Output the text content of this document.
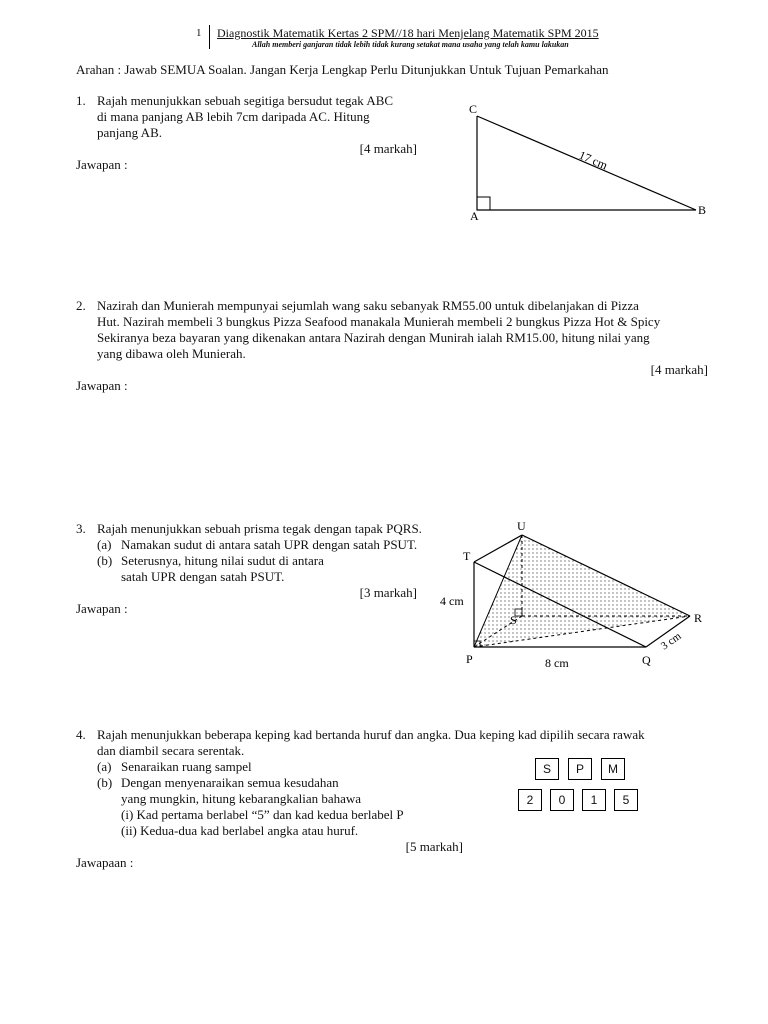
1 Diagnostik Matematik Kertas 2 SPM//18 hari Menjelang Matematik SPM 2015
Allah memberi ganjaran tidak lebih tidak kurang setakat mana usaha yang telah kamu lakukan
Arahan : Jawab SEMUA Soalan. Jangan Kerja Lengkap Perlu Ditunjukkan Untuk Tujuan Pemarkahan
1. Rajah menunjukkan sebuah segitiga bersudut tegak ABC
di mana panjang AB lebih 7cm daripada AC. Hitung
panjang AB.
[4 markah]
Jawapan :
C
A	B
17 cm
2. Nazirah dan Munierah mempunyai sejumlah wang saku sebanyak RM55.00 untuk dibelanjakan di Pizza
Hut. Nazirah membeli 3 bungkus Pizza Seafood manakala Munierah membeli 2 bungkus Pizza Hot & Spicy
Sekiranya beza bayaran yang dikenakan antara Nazirah dengan Munirah ialah RM15.00, hitung nilai yang
yang dibawa oleh Munierah.
[4 markah]
Jawapan :
3. Rajah menunjukkan sebuah prisma tegak dengan tapak PQRS.
(a) Namakan sudut di antara satah UPR dengan satah PSUT.
(b) Seterusnya, hitung nilai sudut di antara
satah UPR dengan satah PSUT.
[3 markah]
Jawapan :
U
T
S
P	Q
R
4 cm
8 cm
3 cm
4. Rajah menunjukkan beberapa keping kad bertanda huruf dan angka. Dua keping kad dipilih secara rawak
dan diambil secara serentak.
(a) Senaraikan ruang sampel
(b) Dengan menyenaraikan semua kesudahan
yang mungkin, hitung kebarangkalian bahawa
(i) Kad pertama berlabel “5” dan kad kedua berlabel P
(ii) Kedua-dua kad berlabel angka atau huruf.
[5 markah]
Jawapaan :
S	P	M
2	0	1	5
